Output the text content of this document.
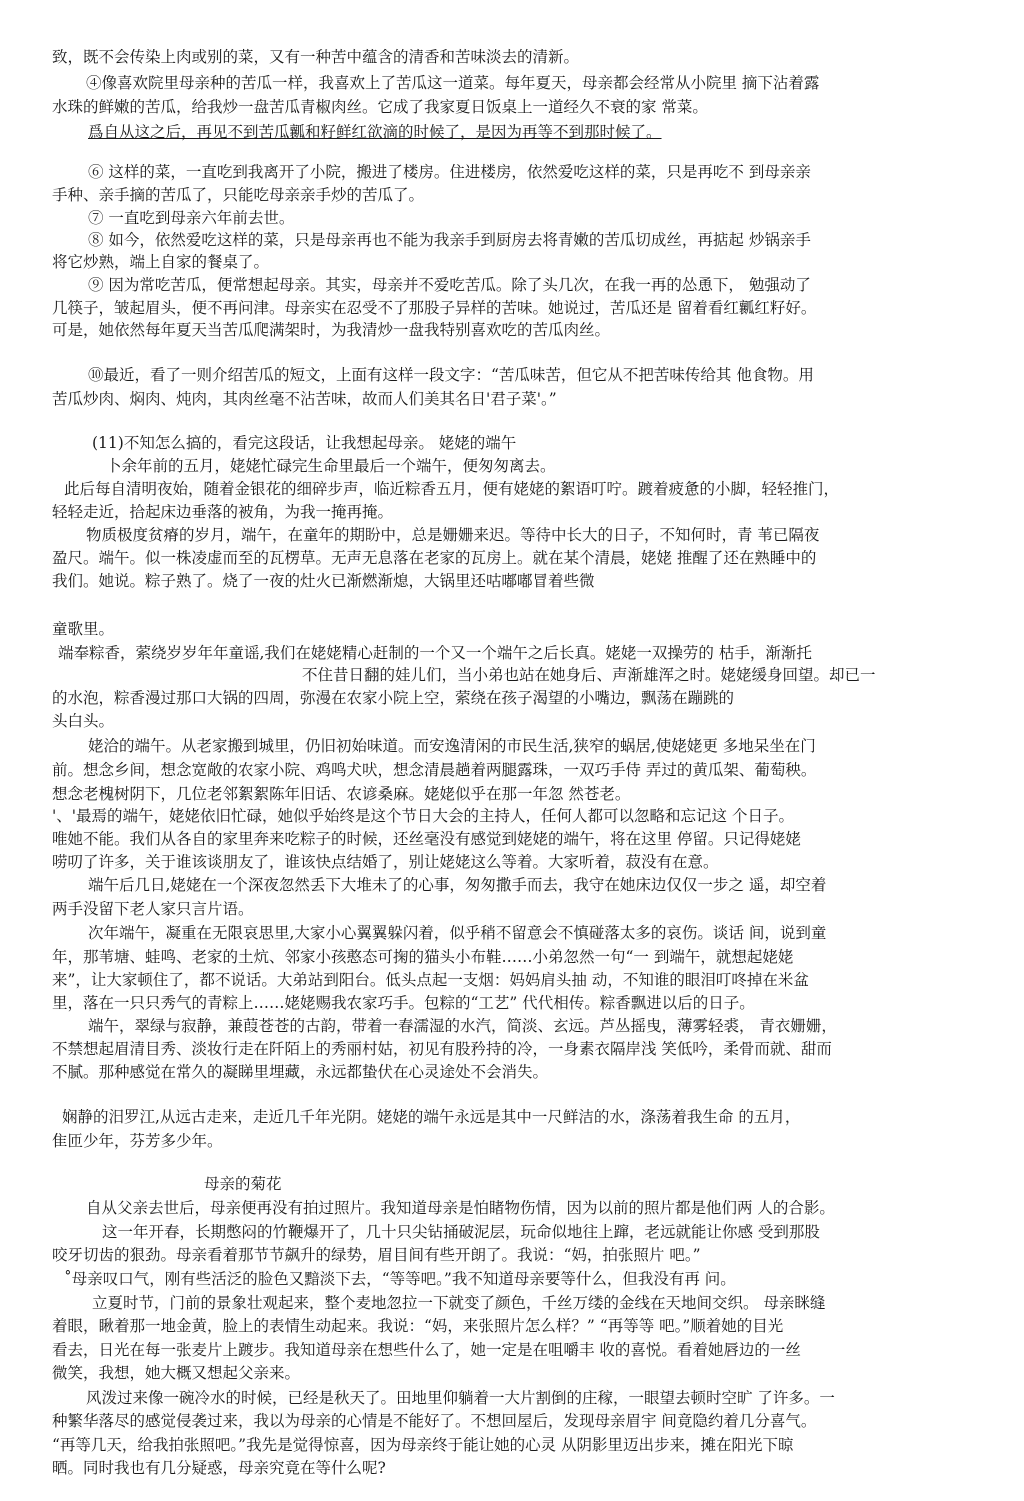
致，既不会传染上肉或别的菜，又有一种苦中蕴含的清香和苦味淡去的清新。
④像喜欢院里母亲种的苦瓜一样，我喜欢上了苦瓜这一道菜。每年夏天，母亲都会经常从小院里 摘下沾着露
水珠的鲜嫩的苦瓜，给我炒一盘苦瓜青椒肉丝。它成了我家夏日饭桌上一道经久不衰的家 常菜。
爲自从这之后，再见不到苦瓜瓤和籽鲜红欲滴的时候了，是因为再等不到那时候了。
⑥ 这样的菜，一直吃到我离开了小院，搬进了楼房。住进楼房，依然爱吃这样的菜，只是再吃不 到母亲亲
手种、亲手摘的苦瓜了，只能吃母亲亲手炒的苦瓜了。
⑦ 一直吃到母亲六年前去世。
⑧ 如今，依然爱吃这样的菜，只是母亲再也不能为我亲手到厨房去将青嫩的苦瓜切成丝，再掂起 炒锅亲手
将它炒熟，端上自家的餐桌了。
⑨ 因为常吃苦瓜，便常想起母亲。其实，母亲并不爱吃苦瓜。除了头几次，在我一再的怂恿下， 勉强动了
几筷子，皱起眉头，便不再问津。母亲实在忍受不了那股子异样的苦味。她说过，苦瓜还是 留着看红瓤红籽好。
可是，她依然每年夏天当苦瓜爬满架时，为我清炒一盘我特别喜欢吃的苦瓜肉丝。
⑩最近，看了一则介绍苦瓜的短文，上面有这样一段文字：“苦瓜味苦，但它从不把苦味传给其 他食物。用
苦瓜炒肉、焖肉、炖肉，其肉丝毫不沾苦味，故而人们美其名日'君子菜'。”
(11)不知怎么搞的，看完这段话，让我想起母亲。 姥姥的端午
卜余年前的五月，姥姥忙碌完生命里最后一个端午，便匆匆离去。
此后每自清明夜始，随着金银花的细碎步声，临近粽香五月，便有姥姥的絮语叮咛。踱着疲惫的小脚，轻轻推门，
轻轻走近，拾起床边垂落的被角，为我一掩再掩。
物质极度贫瘠的岁月，端午，在童年的期盼中，总是姗姗来迟。等待中长大的日子，不知何时，青 苇已隔夜
盈尺。端午。似一株凌虚而至的瓦楞草。无声无息落在老家的瓦房上。就在某个清晨，姥姥 推醒了还在熟睡中的
我们。她说。粽子熟了。烧了一夜的灶火已渐燃渐熄，大锅里还咕嘟嘟冒着些微
童歌里。
端奉粽香，萦绕岁岁年年童谣,我们在姥姥精心赶制的一个又一个端午之后长真。姥姥一双操劳的 枯手，渐渐托
不住昔日翻的娃儿们，当小弟也站在她身后、声渐雄浑之时。姥姥缓身回望。却已一
的水泡，粽香漫过那口大锅的四周，弥漫在农家小院上空，萦绕在孩子渴望的小嘴边，飘荡在蹦跳的
头白头。
姥洽的端午。从老家搬到城里，仍旧初始味道。而安逸清闲的市民生活,狭窄的蜗居,使姥姥更 多地呆坐在门
前。想念乡间，想念宽敞的农家小院、鸡鸣犬吠，想念清晨趟着两腿露珠，一双巧手侍 弄过的黄瓜架、葡萄秧。
想念老槐树阴下，几位老邻絮絮陈年旧话、农谚桑麻。姥姥似乎在那一年忽 然苍老。
'、'最焉的端午，姥姥依旧忙碌，她似乎始终是这个节日大会的主持人，任何人都可以忽略和忘记这 个日子。
唯她不能。我们从各自的家里奔来吃粽子的时候，还丝毫没有感觉到姥姥的端午，将在这里 停留。只记得姥姥
唠叨了许多，关于谁该谈朋友了，谁该快点结婚了，别让姥姥这么等着。大家听着，菽没有在意。
端午后几日,姥姥在一个深夜忽然丢下大堆未了的心事，匆匆撒手而去，我守在她床边仅仅一步之 遥，却空着
两手没留下老人家只言片语。
次年端午，凝重在无限哀思里,大家小心翼翼躲闪着，似乎稍不留意会不慎碰落太多的哀伤。谈话 间，说到童
年，那苇塘、蛙鸣、老家的土炕、邻家小孩憨态可掬的猫头小布鞋……小弟忽然一句“一 到端午，就想起姥姥
来”，让大家顿住了，都不说话。大弟站到阳台。低头点起一支烟：妈妈肩头抽 动，不知谁的眼泪叮咚掉在米盆
里，落在一只只秀气的青粽上……姥姥赐我农家巧手。包粽的“工艺” 代代相传。粽香飘进以后的日子。
端午，翠绿与寂静，兼葭苍苍的古韵，带着一春濡湿的水汽，简淡、玄远。芦丛摇曳，薄雾轻裘， 青衣姗姗，
不禁想起眉清目秀、淡妆行走在阡陌上的秀丽村姑，初见有股矜持的冷，一身素衣隔岸浅 笑低吟，柔骨而就、甜而
不腻。那种感觉在常久的凝睇里埋藏，永远都蛰伏在心灵途处不会消失。
娴静的汨罗江,从远古走来，走近几千年光阴。姥姥的端午永远是其中一尺鲜洁的水，涤荡着我生命 的五月，
隹匝少年，芬芳多少年。
母亲的菊花
自从父亲去世后，母亲便再没有拍过照片。我知道母亲是怕睹物伤情，因为以前的照片都是他们两 人的合影。
这一年开春，长期憋闷的竹鞭爆开了，几十只尖钻捅破泥层，玩命似地往上蹿，老远就能让你感 受到那股
咬牙切齿的狠劲。母亲看着那节节飙升的绿势，眉目间有些开朗了。我说：“妈，拍张照片 吧。”
˚母亲叹口气，刚有些活泛的脸色又黯淡下去，“等等吧。”我不知道母亲要等什么，但我没有再 问。
立夏时节，门前的景象壮观起来，整个麦地忽拉一下就变了颜色，千丝万缕的金线在天地间交织。 母亲眯缝
着眼，瞅着那一地金黄，脸上的表情生动起来。我说：“妈，来张照片怎么样？” “再等等 吧。”顺着她的目光
看去，日光在每一张麦片上踱步。我知道母亲在想些什么了，她一定是在咀嚼丰 收的喜悦。看着她唇边的一丝
微笑，我想，她大概又想起父亲来。
风泼过来像一碗冷水的时候，已经是秋天了。田地里仰躺着一大片割倒的庄稼，一眼望去顿时空旷 了许多。一
种繁华落尽的感觉侵袭过来，我以为母亲的心情是不能好了。不想回屋后，发现母亲眉宇 间竟隐约着几分喜气。
“再等几天，给我拍张照吧。”我先是觉得惊喜，因为母亲终于能让她的心灵 从阴影里迈出步来，摊在阳光下晾
晒。同时我也有几分疑惑，母亲究竟在等什么呢?
